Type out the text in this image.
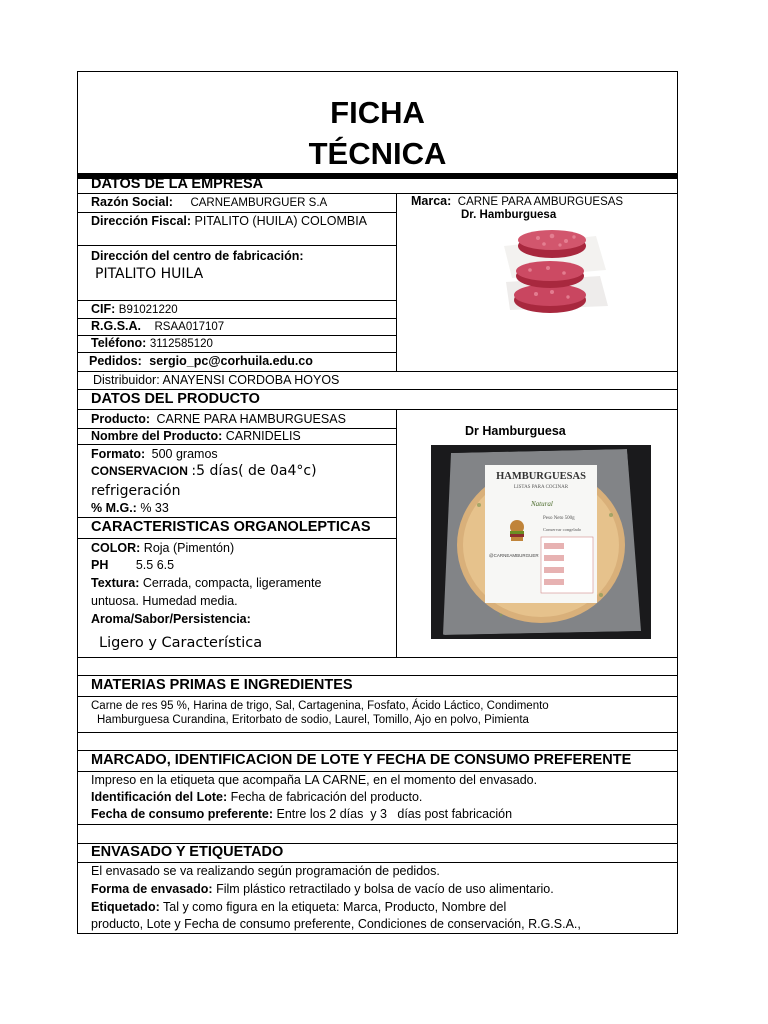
FICHA
TÉCNICA
DATOS DE LA EMPRESA
Razón Social: CARNEAMBURGUER S.A
Dirección Fiscal: PITALITO (HUILA) COLOMBIA
Dirección del centro de fabricación:
PITALITO HUILA
CIF: B91021220
R.G.S.A. RSAA017107
Teléfono: 3112585120
Pedidos: sergio_pc@corhuila.edu.co
Distribuidor: ANAYENSI CORDOBA HOYOS
Marca: CARNE PARA AMBURGUESAS
Dr. Hamburguesa
DATOS DEL PRODUCTO
Producto: CARNE PARA HAMBURGUESAS
Nombre del Producto: CARNIDELIS
Formato: 500 gramos
CONSERVACION :5 días( de 0a4°c)
refrigeración
% M.G.: % 33
Dr Hamburguesa
HAMBURGUESAS
LISTAS PARA COCINAR
Natural
Peso Neto 500g
Conservar congelado
@CARNEAMBURGUER
CARACTERISTICAS ORGANOLEPTICAS
COLOR: Roja (Pimentón)
PH 5.5 6.5
Textura: Cerrada, compacta, ligeramente
untuosa. Humedad media.
Aroma/Sabor/Persistencia:
Ligero y Característica
MATERIAS PRIMAS E INGREDIENTES
Carne de res 95 %, Harina de trigo, Sal, Cartagenina, Fosfato, Ácido Láctico, Condimento
Hamburguesa Curandina, Eritorbato de sodio, Laurel, Tomillo, Ajo en polvo, Pimienta
MARCADO, IDENTIFICACION DE LOTE Y FECHA DE CONSUMO PREFERENTE
Impreso en la etiqueta que acompaña LA CARNE, en el momento del envasado.
Identificación del Lote: Fecha de fabricación del producto.
Fecha de consumo preferente: Entre los 2 días  y 3   días post fabricación
ENVASADO Y ETIQUETADO
El envasado se va realizando según programación de pedidos.
Forma de envasado: Film plástico retractilado y bolsa de vacío de uso alimentario.
Etiquetado: Tal y como figura en la etiqueta: Marca, Producto, Nombre del
producto, Lote y Fecha de consumo preferente, Condiciones de conservación, R.G.S.A.,
